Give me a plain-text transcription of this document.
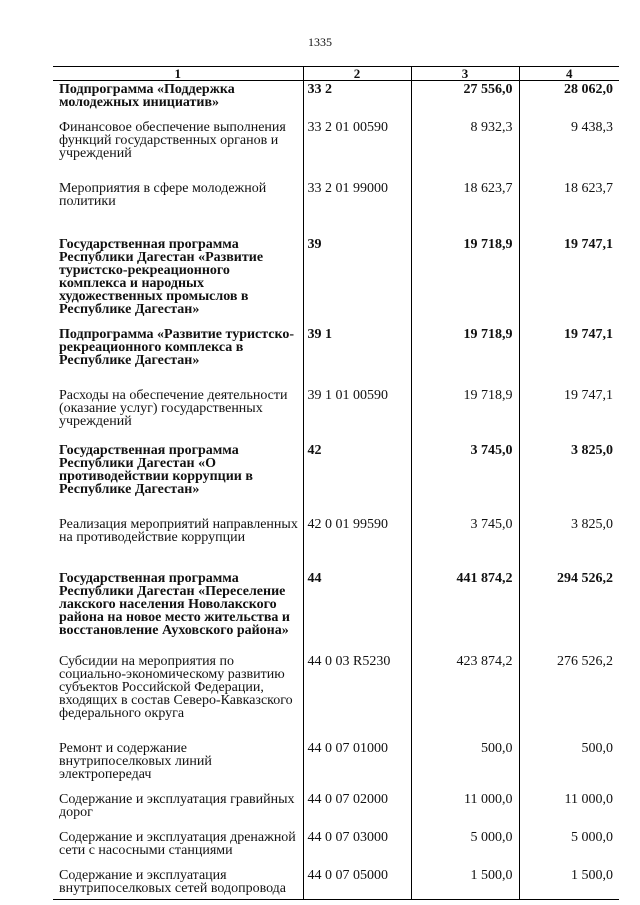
1335
1	2	3	4
Подпрограмма «Поддержка молодежных инициатив»	33 2	27 556,0	28 062,0
Финансовое обеспечение выполнения функций государственных органов и учреждений	33 2 01 00590	8 932,3	9 438,3
Мероприятия в сфере молодежной политики	33 2 01 99000	18 623,7	18 623,7
Государственная программа Республики Дагестан «Развитие туристско-рекреационного комплекса и народных художественных промыслов в Республике Дагестан»	39	19 718,9	19 747,1
Подпрограмма «Развитие туристско-рекреационного комплекса в Республике Дагестан»	39 1	19 718,9	19 747,1
Расходы на обеспечение деятельности (оказание услуг) государственных учреждений	39 1 01 00590	19 718,9	19 747,1
Государственная программа Республики Дагестан «О противодействии коррупции в Республике Дагестан»	42	3 745,0	3 825,0
Реализация мероприятий направленных на противодействие коррупции	42 0 01 99590	3 745,0	3 825,0
Государственная программа Республики Дагестан «Переселение лакского населения Новолакского района на новое место жительства и восстановление Ауховского района»	44	441 874,2	294 526,2
Субсидии на мероприятия по социально-экономическому развитию субъектов Российской Федерации, входящих в состав Северо-Кавказского федерального округа	44 0 03 R5230	423 874,2	276 526,2
Ремонт и содержание внутрипоселковых линий электропередач	44 0 07 01000	500,0	500,0
Содержание и эксплуатация гравийных дорог	44 0 07 02000	11 000,0	11 000,0
Содержание и эксплуатация дренажной сети с насосными станциями	44 0 07 03000	5 000,0	5 000,0
Содержание и эксплуатация внутрипоселковых сетей водопровода	44 0 07 05000	1 500,0	1 500,0
